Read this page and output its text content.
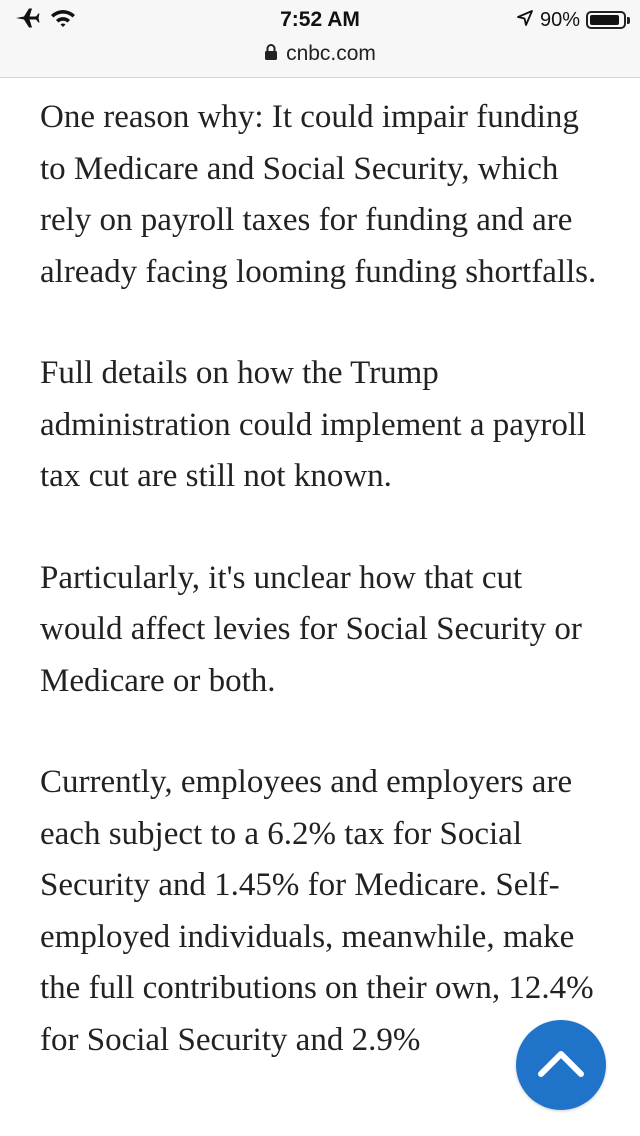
7:52 AM	90%
cnbc.com

One reason why: It could impair funding to Medicare and Social Security, which rely on payroll taxes for funding and are already facing looming funding shortfalls.

Full details on how the Trump administration could implement a payroll tax cut are still not known.

Particularly, it's unclear how that cut would affect levies for Social Security or Medicare or both.

Currently, employees and employers are each subject to a 6.2% tax for Social Security and 1.45% for Medicare. Self-employed individuals, meanwhile, make the full contributions on their own, 12.4% for Social Security and 2.9%
